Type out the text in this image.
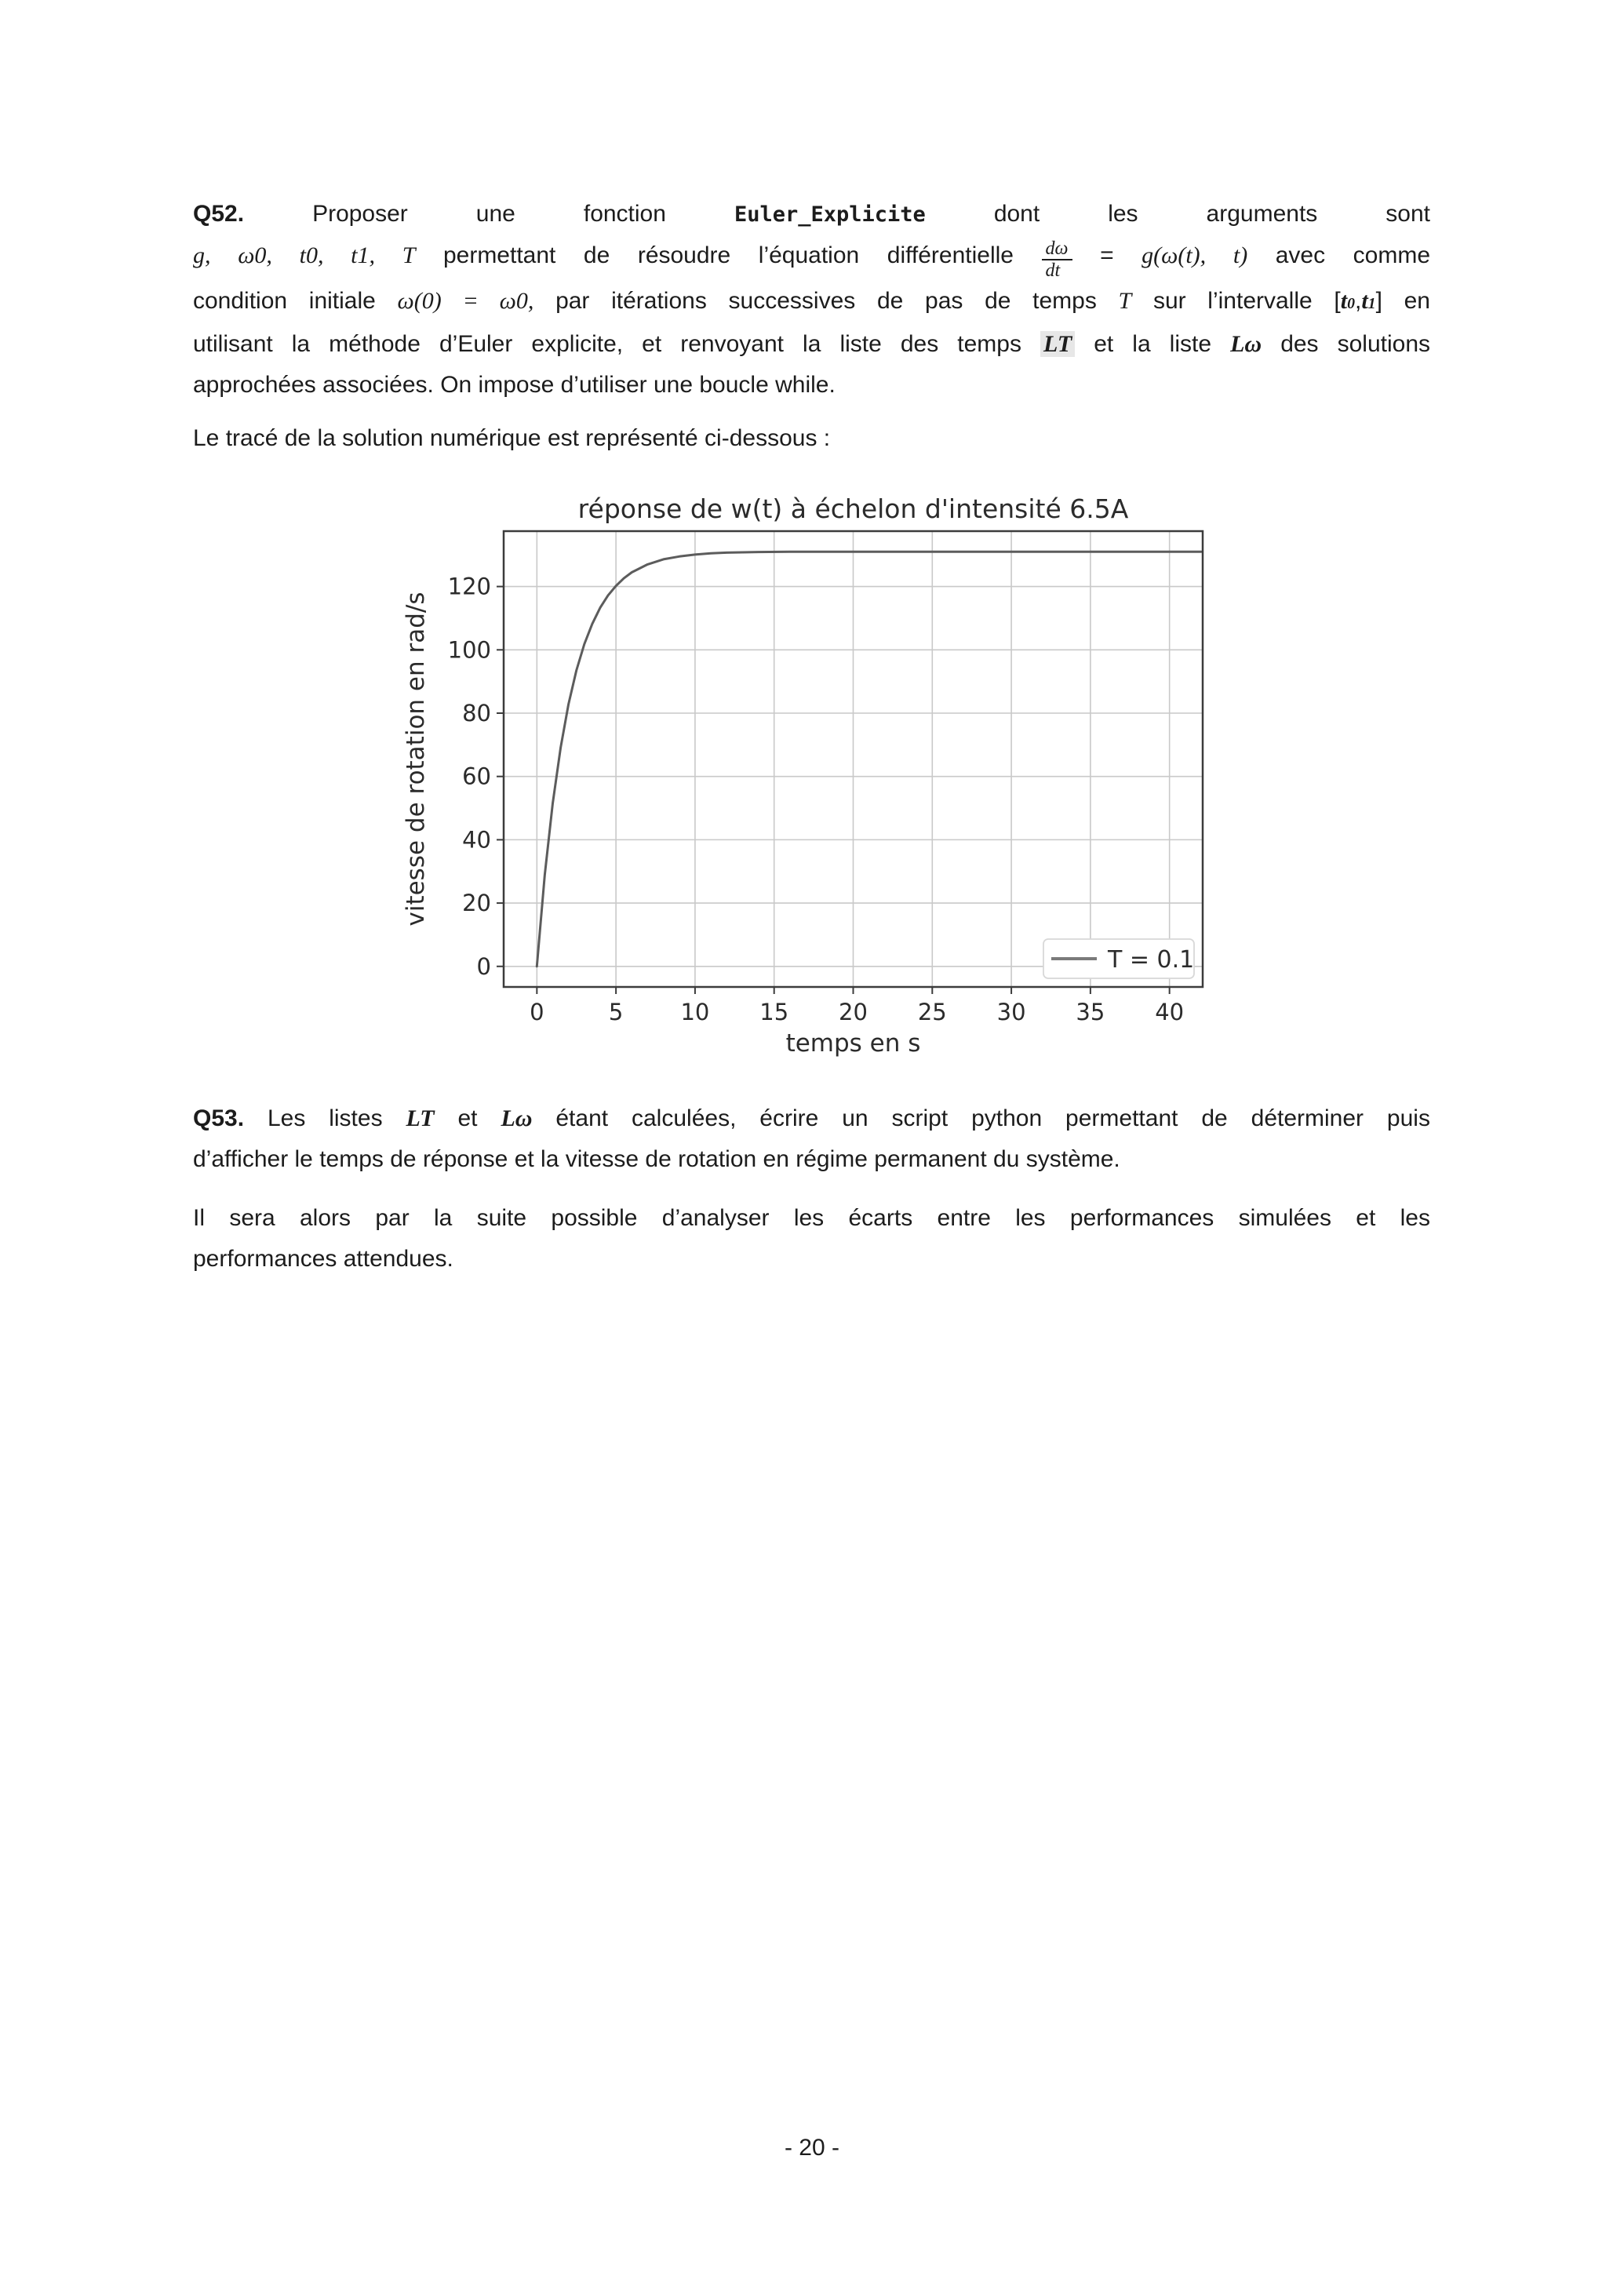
Q52.	Proposer une fonction	Euler_Explicite	dont les arguments sont
g, ω0, t0, t1, T permettant de résoudre l’équation différentielle $\frac{d\omega}{dt} = g(\omega(t)$, t) avec comme
condition initiale ω(0) = ω0, par itérations successives de pas de temps T sur l’intervalle [t0,t1] en
utilisant la méthode d’Euler explicite, et renvoyant la liste des temps LT et la liste Lω des solutions
approchées associées. On impose d’utiliser une boucle while.
Le tracé de la solution numérique est représenté ci-dessous :
0	5	10 15 20 25 30 35 40
0
20
40
60
80
100
120
réponse de w(t) à échelon d'intensité 6.5A
temps en s
vitesse de rotation en rad/s
T = 0.1
Q53. Les listes LT et Lω étant calculées, écrire un script python permettant de déterminer puis
d’afficher le temps de réponse et la vitesse de rotation en régime permanent du système.
Il sera alors par la suite possible d’analyser les écarts entre les performances simulées et les
performances attendues.
- 20 -
